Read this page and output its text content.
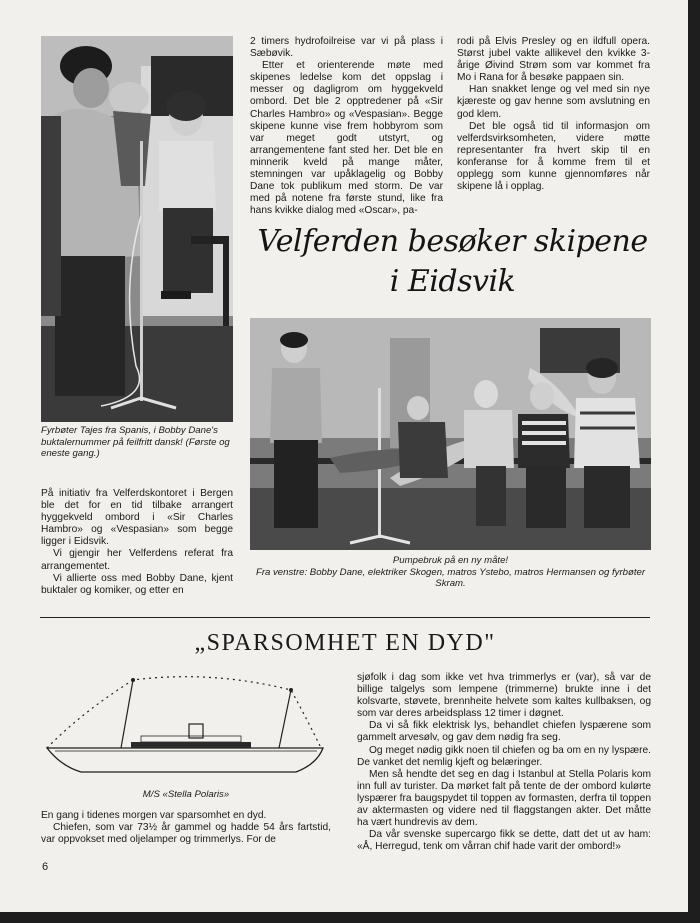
Fyrbøter Tajes fra Spanis, i Bobby Dane's buktalernummer på feilfritt dansk! (Første og eneste gang.)

På initiativ fra Velferdskontoret i Bergen ble det for en tid tilbake arrangert hyggekveld ombord i «Sir Charles Hambro» og «Vespasian» som begge ligger i Eidsvik.

Vi gjengir her Velferdens referat fra arrangementet.

Vi allierte oss med Bobby Dane, kjent buktaler og komiker, og etter en

2 timers hydrofoilreise var vi på plass i Sæbøvik.

Etter et orienterende møte med skipenes ledelse kom det oppslag i messer og dagligrom om hyggekveld ombord. Det ble 2 opptredener på «Sir Charles Hambro» og «Vespasian». Begge skipene kunne vise frem hobbyrom som var meget godt utstyrt, og arrangementene fant sted her. Det ble en minnerik kveld på mange måter, stemningen var upåklagelig og Bobby Dane tok publikum med storm. De var med på notene fra første stund, like fra hans kvikke dialog med «Oscar», pa-

rodi på Elvis Presley og en ildfull opera. Størst jubel vakte allikevel den kvikke 3-årige Øivind Strøm som var kommet fra Mo i Rana for å besøke pappaen sin.

Han snakket lenge og vel med sin nye kjæreste og gav henne som avslutning en god klem.

Det ble også tid til informasjon om velferdsvirksomheten, videre møtte representanter fra hvert skip til en konferanse for å komme frem til et opplegg som kunne gjennomføres når skipene lå i opplag.

Velferden besøker skipene
i Eidsvik
Pumpebruk på en ny måte!
Fra venstre: Bobby Dane, elektriker Skogen, matros Ystebo, matros Hermansen og fyrbøter Skram.
„SPARSOMHET EN DYD"
M/S «Stella Polaris»

En gang i tidenes morgen var sparsomhet en dyd.

Chiefen, som var 73½ år gammel og hadde 54 års fartstid, var oppvokset med oljelamper og trimmerlys. For de

sjøfolk i dag som ikke vet hva trimmerlys er (var), så var de billige talgelys som lempene (trimmerne) brukte inne i det kolsvarte, støvete, brennheite helvete som kaltes kullbaksen, og som var deres arbeidsplass 12 timer i døgnet.

Da vi så fikk elektrisk lys, behandlet chiefen lyspærene som gammelt arvesølv, og gav dem nødig fra seg.

Og meget nødig gikk noen til chiefen og ba om en ny lyspære. De vanket det nemlig kjeft og belæringer.

Men så hendte det seg en dag i Istanbul at Stella Polaris kom inn full av turister. Da mørket falt på tente de der ombord kulørte lyspærer fra baugspydet til toppen av formasten, derfra til toppen av aktermasten og videre ned til flaggstangen akter. Det måtte ha vært hundrevis av dem.

Da vår svenske supercargo fikk se dette, datt det ut av ham: «Å, Herregud, tenk om vårran chif hade varit der ombord!»

6
